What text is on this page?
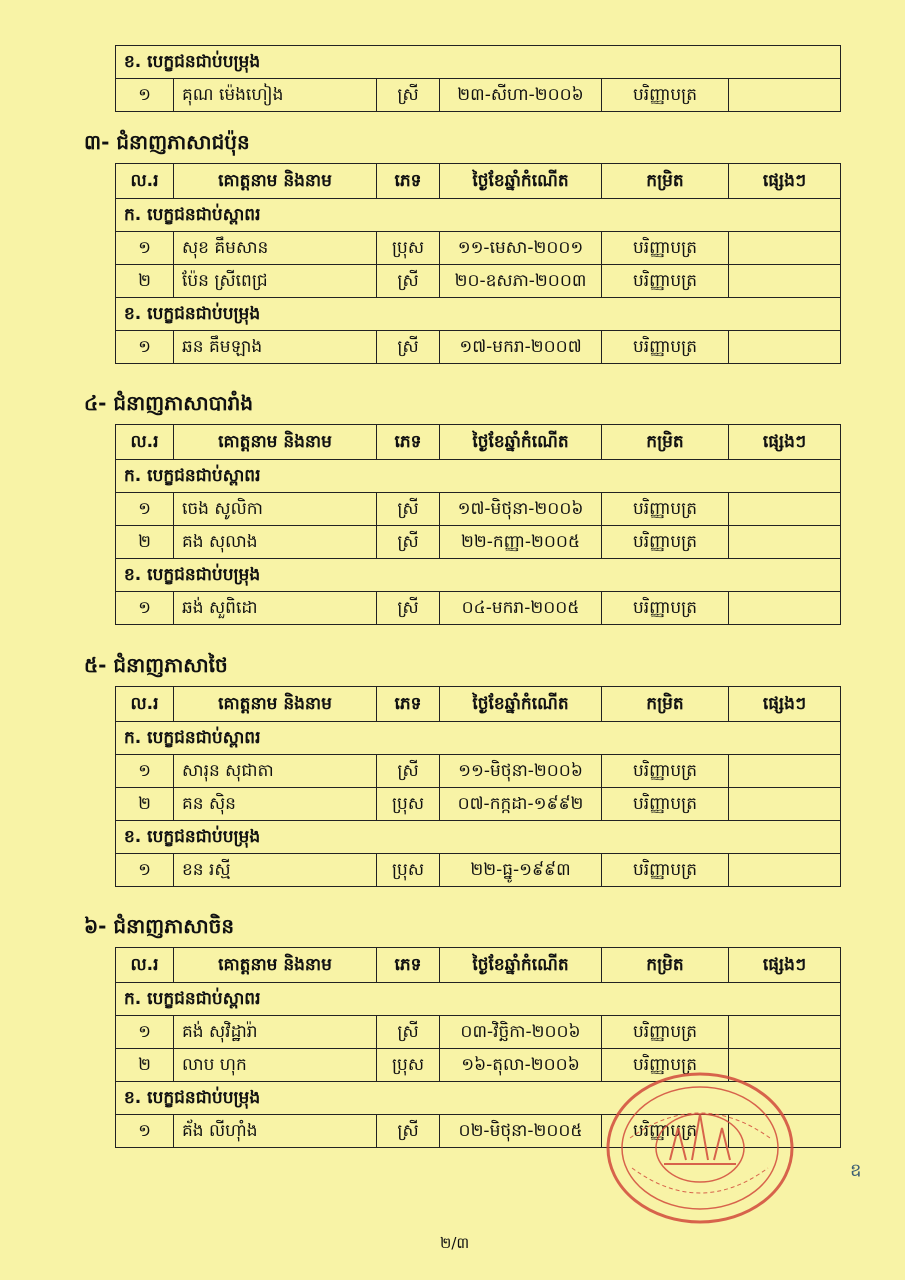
ខ. បេក្ខជនជាប់បម្រុង
១	គុណ ម៉េងហៀង	ស្រី	២៣-សីហា-២០០៦	បរិញ្ញាបត្រ	
៣- ជំនាញភាសាជប៉ុន
ល.រ	គោត្តនាម និងនាម	ភេទ	ថ្ងៃខែឆ្នាំកំណើត	កម្រិត	ផ្សេងៗ
ក. បេក្ខជនជាប់ស្ពាពរ					
១	សុខ គឹមសាន	ប្រុស	១១-មេសា-២០០១	បរិញ្ញាបត្រ	
២	ប៉ែន ស្រីពេជ្រ	ស្រី	២០-ឧសភា-២០០៣	បរិញ្ញាបត្រ	
ខ. បេក្ខជនជាប់បម្រុង					
១	ឆន គឹមឡាង	ស្រី	១៧-មករា-២០០៧	បរិញ្ញាបត្រ	
៤- ជំនាញភាសាបារាំង
ល.រ	គោត្តនាម និងនាម	ភេទ	ថ្ងៃខែឆ្នាំកំណើត	កម្រិត	ផ្សេងៗ
ក. បេក្ខជនជាប់ស្ពាពរ					
១	ចេង សូលិកា	ស្រី	១៧-មិថុនា-២០០៦	បរិញ្ញាបត្រ	
២	គង សុលាង	ស្រី	២២-កញ្ញា-២០០៥	បរិញ្ញាបត្រ	
ខ. បេក្ខជនជាប់បម្រុង					
១	ឆង់ សួពិដោ	ស្រី	០៤-មករា-២០០៥	បរិញ្ញាបត្រ	
៥- ជំនាញភាសាថៃ
ល.រ	គោត្តនាម និងនាម	ភេទ	ថ្ងៃខែឆ្នាំកំណើត	កម្រិត	ផ្សេងៗ
ក. បេក្ខជនជាប់ស្ពាពរ					
១	សារុន សុជាតា	ស្រី	១១-មិថុនា-២០០៦	បរិញ្ញាបត្រ	
២	គន ស៊ិន	ប្រុស	០៧-កក្កដា-១៩៩២	បរិញ្ញាបត្រ	
ខ. បេក្ខជនជាប់បម្រុង					
១	ខន រស្មី	ប្រុស	២២-ធ្នូ-១៩៩៣	បរិញ្ញាបត្រ	
៦- ជំនាញភាសាចិន
ល.រ	គោត្តនាម និងនាម	ភេទ	ថ្ងៃខែឆ្នាំកំណើត	កម្រិត	ផ្សេងៗ
ក. បេក្ខជនជាប់ស្ពាពរ					
១	គង់ សុវិដ្ឋារ៉ា	ស្រី	០៣-វិច្ឆិកា-២០០៦	បរិញ្ញាបត្រ	
២	លាប ហុក	ប្រុស	១៦-តុលា-២០០៦	បរិញ្ញាបត្រ	
ខ. បេក្ខជនជាប់បម្រុង					
១	គ័ង លីហ៊ាំង	ស្រី	០២-មិថុនា-២០០៥	បរិញ្ញាបត្រ	
២/៣
ឧ
